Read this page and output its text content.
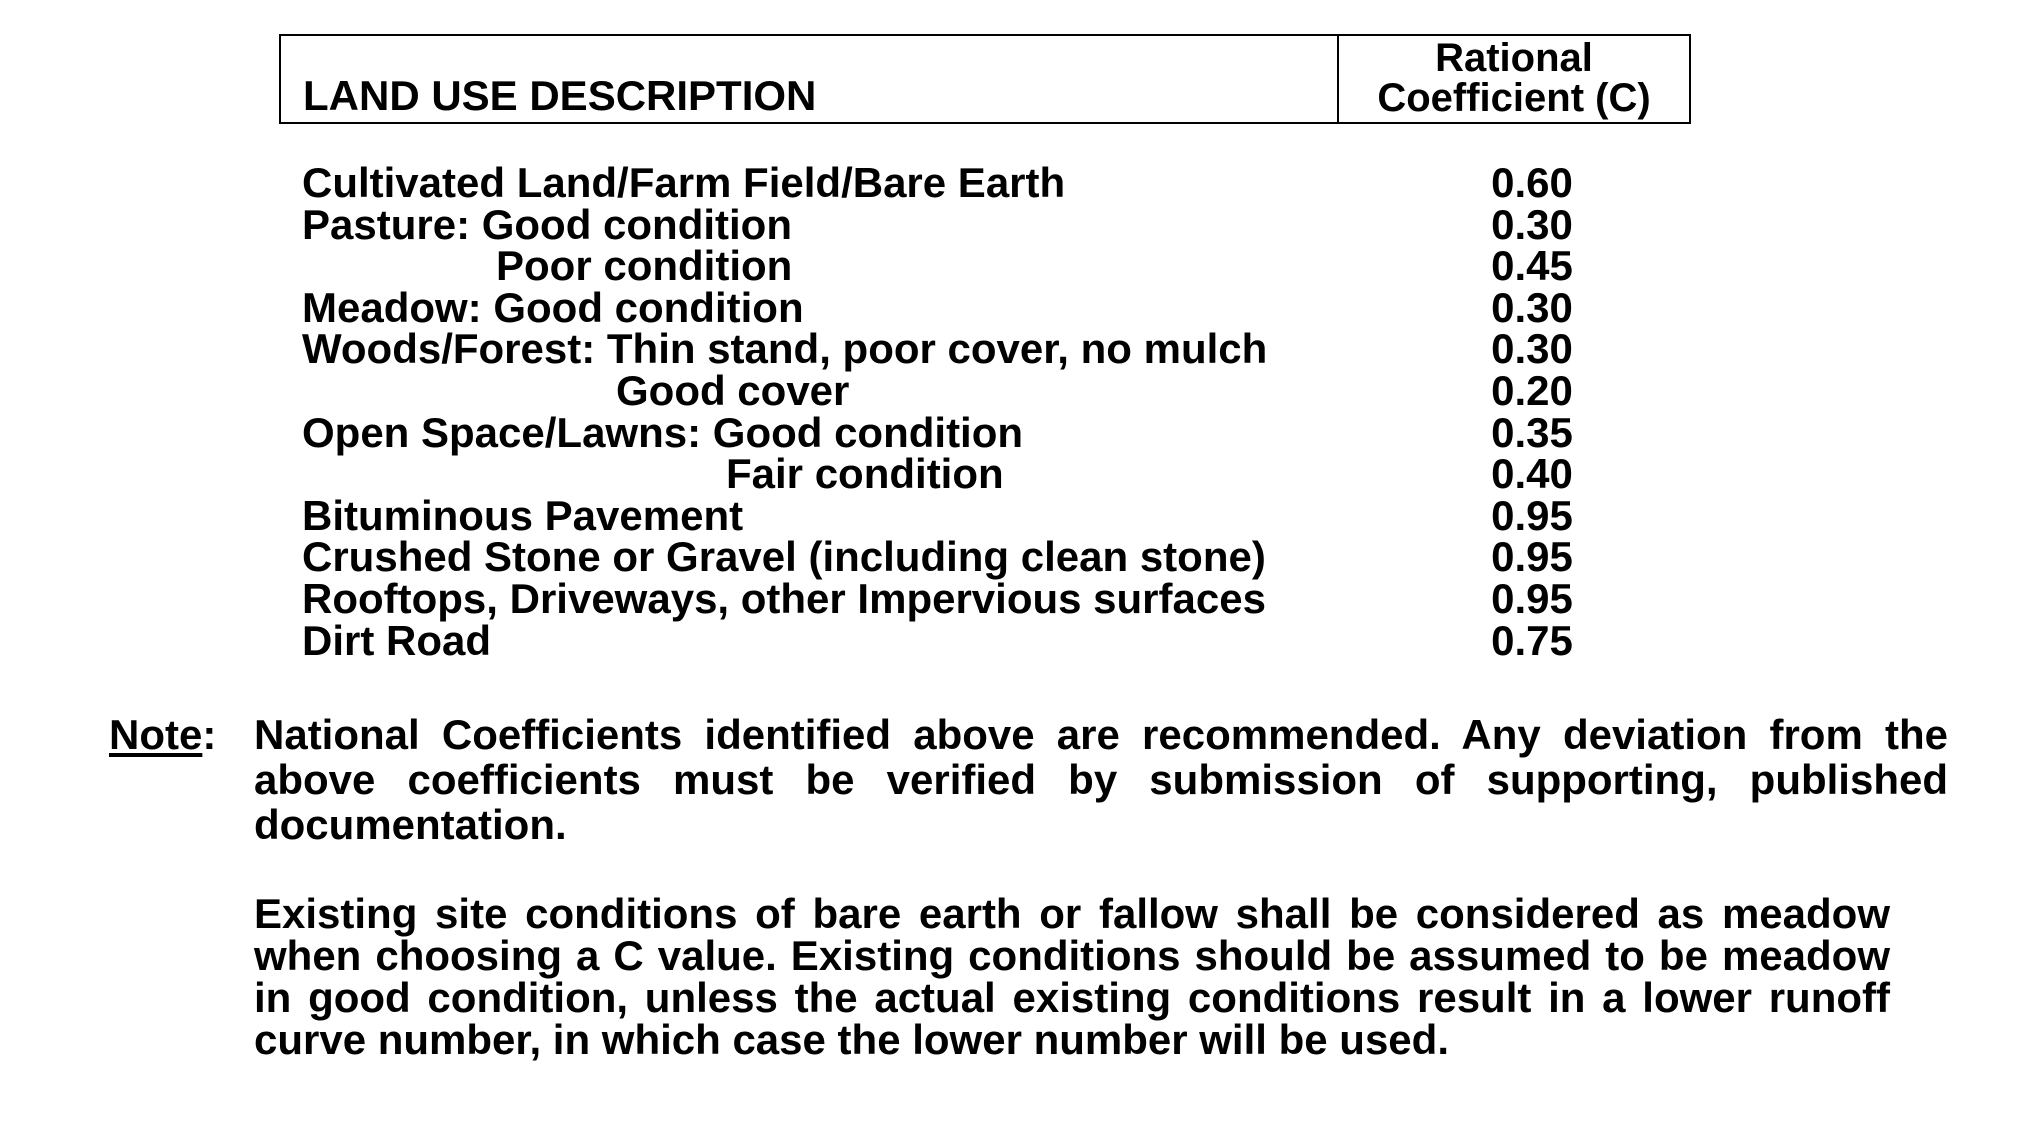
LAND USE DESCRIPTION
Rational
Coefficient (C)
Cultivated Land/Farm Field/Bare Earth	0.60
Pasture: Good condition	0.30
Poor condition	0.45
Meadow: Good condition	0.30
Woods/Forest: Thin stand, poor cover, no mulch	0.30
Good cover	0.20
Open Space/Lawns: Good condition	0.35
Fair condition	0.40
Bituminous Pavement	0.95
Crushed Stone or Gravel (including clean stone)	0.95
Rooftops, Driveways, other Impervious surfaces	0.95
Dirt Road	0.75
Note: National Coefficients identified above are recommended. Any deviation from the above coefficients must be verified by submission of supporting, published documentation.
Existing site conditions of bare earth or fallow shall be considered as meadow when choosing a C value. Existing conditions should be assumed to be meadow in good condition, unless the actual existing conditions result in a lower runoff curve number, in which case the lower number will be used.
